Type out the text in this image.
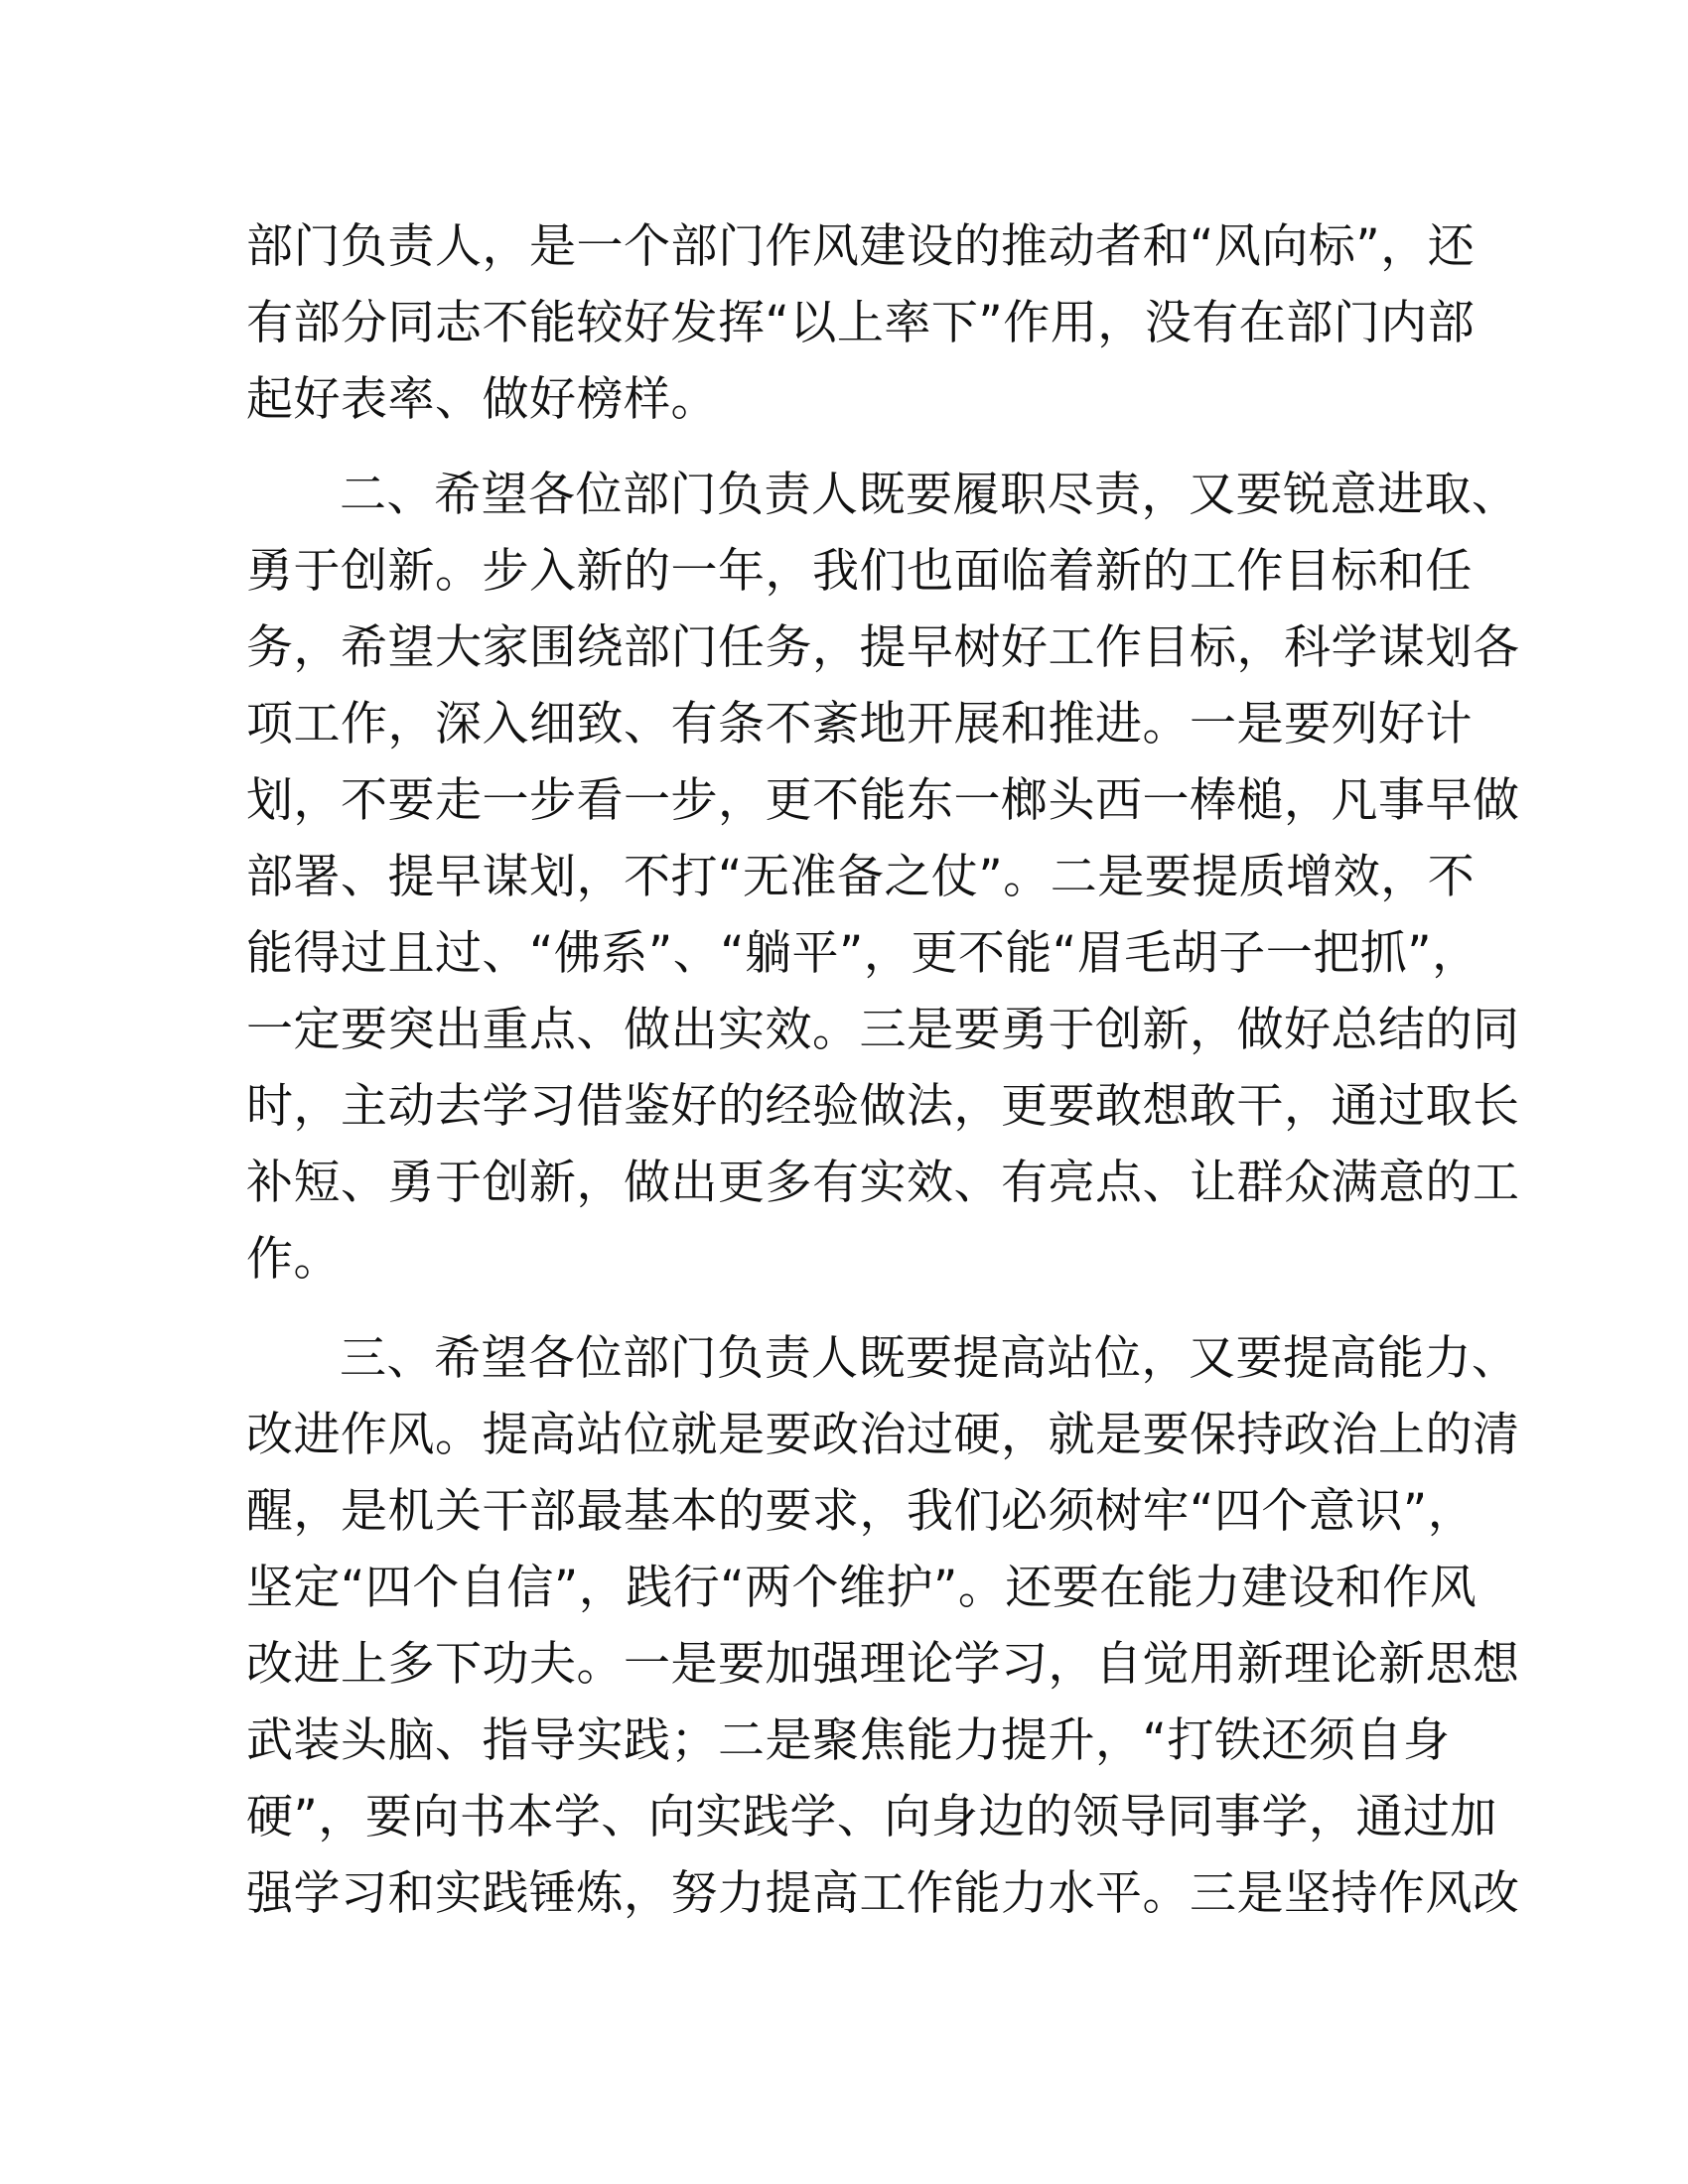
部门负责人，是一个部门作风建设的推动者和“风向标”，还
有部分同志不能较好发挥“以上率下”作用，没有在部门内部
起好表率、做好榜样。
二、希望各位部门负责人既要履职尽责，又要锐意进取、
勇于创新。步入新的一年，我们也面临着新的工作目标和任
务，希望大家围绕部门任务，提早树好工作目标，科学谋划各
项工作，深入细致、有条不紊地开展和推进。一是要列好计
划，不要走一步看一步，更不能东一榔头西一棒槌，凡事早做
部署、提早谋划，不打“无准备之仗”。二是要提质增效，不
能得过且过、“佛系”、“躺平”，更不能“眉毛胡子一把抓”，
一定要突出重点、做出实效。三是要勇于创新，做好总结的同
时，主动去学习借鉴好的经验做法，更要敢想敢干，通过取长
补短、勇于创新，做出更多有实效、有亮点、让群众满意的工
作。
三、希望各位部门负责人既要提高站位，又要提高能力、
改进作风。提高站位就是要政治过硬，就是要保持政治上的清
醒，是机关干部最基本的要求，我们必须树牢“四个意识”，
坚定“四个自信”，践行“两个维护”。还要在能力建设和作风
改进上多下功夫。一是要加强理论学习，自觉用新理论新思想
武装头脑、指导实践；二是聚焦能力提升，“打铁还须自身
硬”，要向书本学、向实践学、向身边的领导同事学，通过加
强学习和实践锤炼，努力提高工作能力水平。三是坚持作风改
